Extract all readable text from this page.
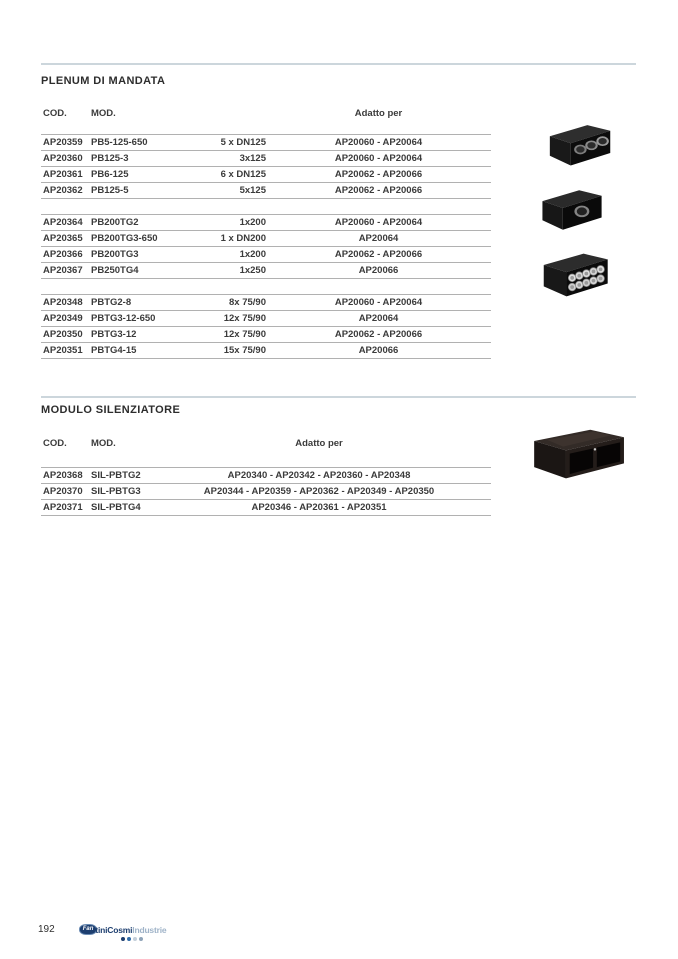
PLENUM DI MANDATA
COD.	MOD.	Adatto per
AP20359 PB5-125-650	5 x DN125	AP20060 - AP20064
AP20360 PB125-3	3x125	AP20060 - AP20064
AP20361 PB6-125	6 x DN125	AP20062 - AP20066
AP20362 PB125-5	5x125	AP20062 - AP20066
AP20364 PB200TG2	1x200	AP20060 - AP20064
AP20365 PB200TG3-650	1 x DN200	AP20064
AP20366 PB200TG3	1x200	AP20062 - AP20066
AP20367 PB250TG4	1x250	AP20066
AP20348 PBTG2-8	8x 75/90	AP20060 - AP20064
AP20349 PBTG3-12-650	12x 75/90	AP20064
AP20350 PBTG3-12	12x 75/90	AP20062 - AP20066
AP20351 PBTG4-15	15x 75/90	AP20066
MODULO SILENZIATORE
COD.	MOD.	Adatto per
AP20368 SIL-PBTG2	AP20340 - AP20342 - AP20360 - AP20348
AP20370 SIL-PBTG3	AP20344 - AP20359 - AP20362 - AP20349 - AP20350
AP20371 SIL-PBTG4	AP20346 - AP20361 - AP20351
192	Fan tiniCosmi Industrie
